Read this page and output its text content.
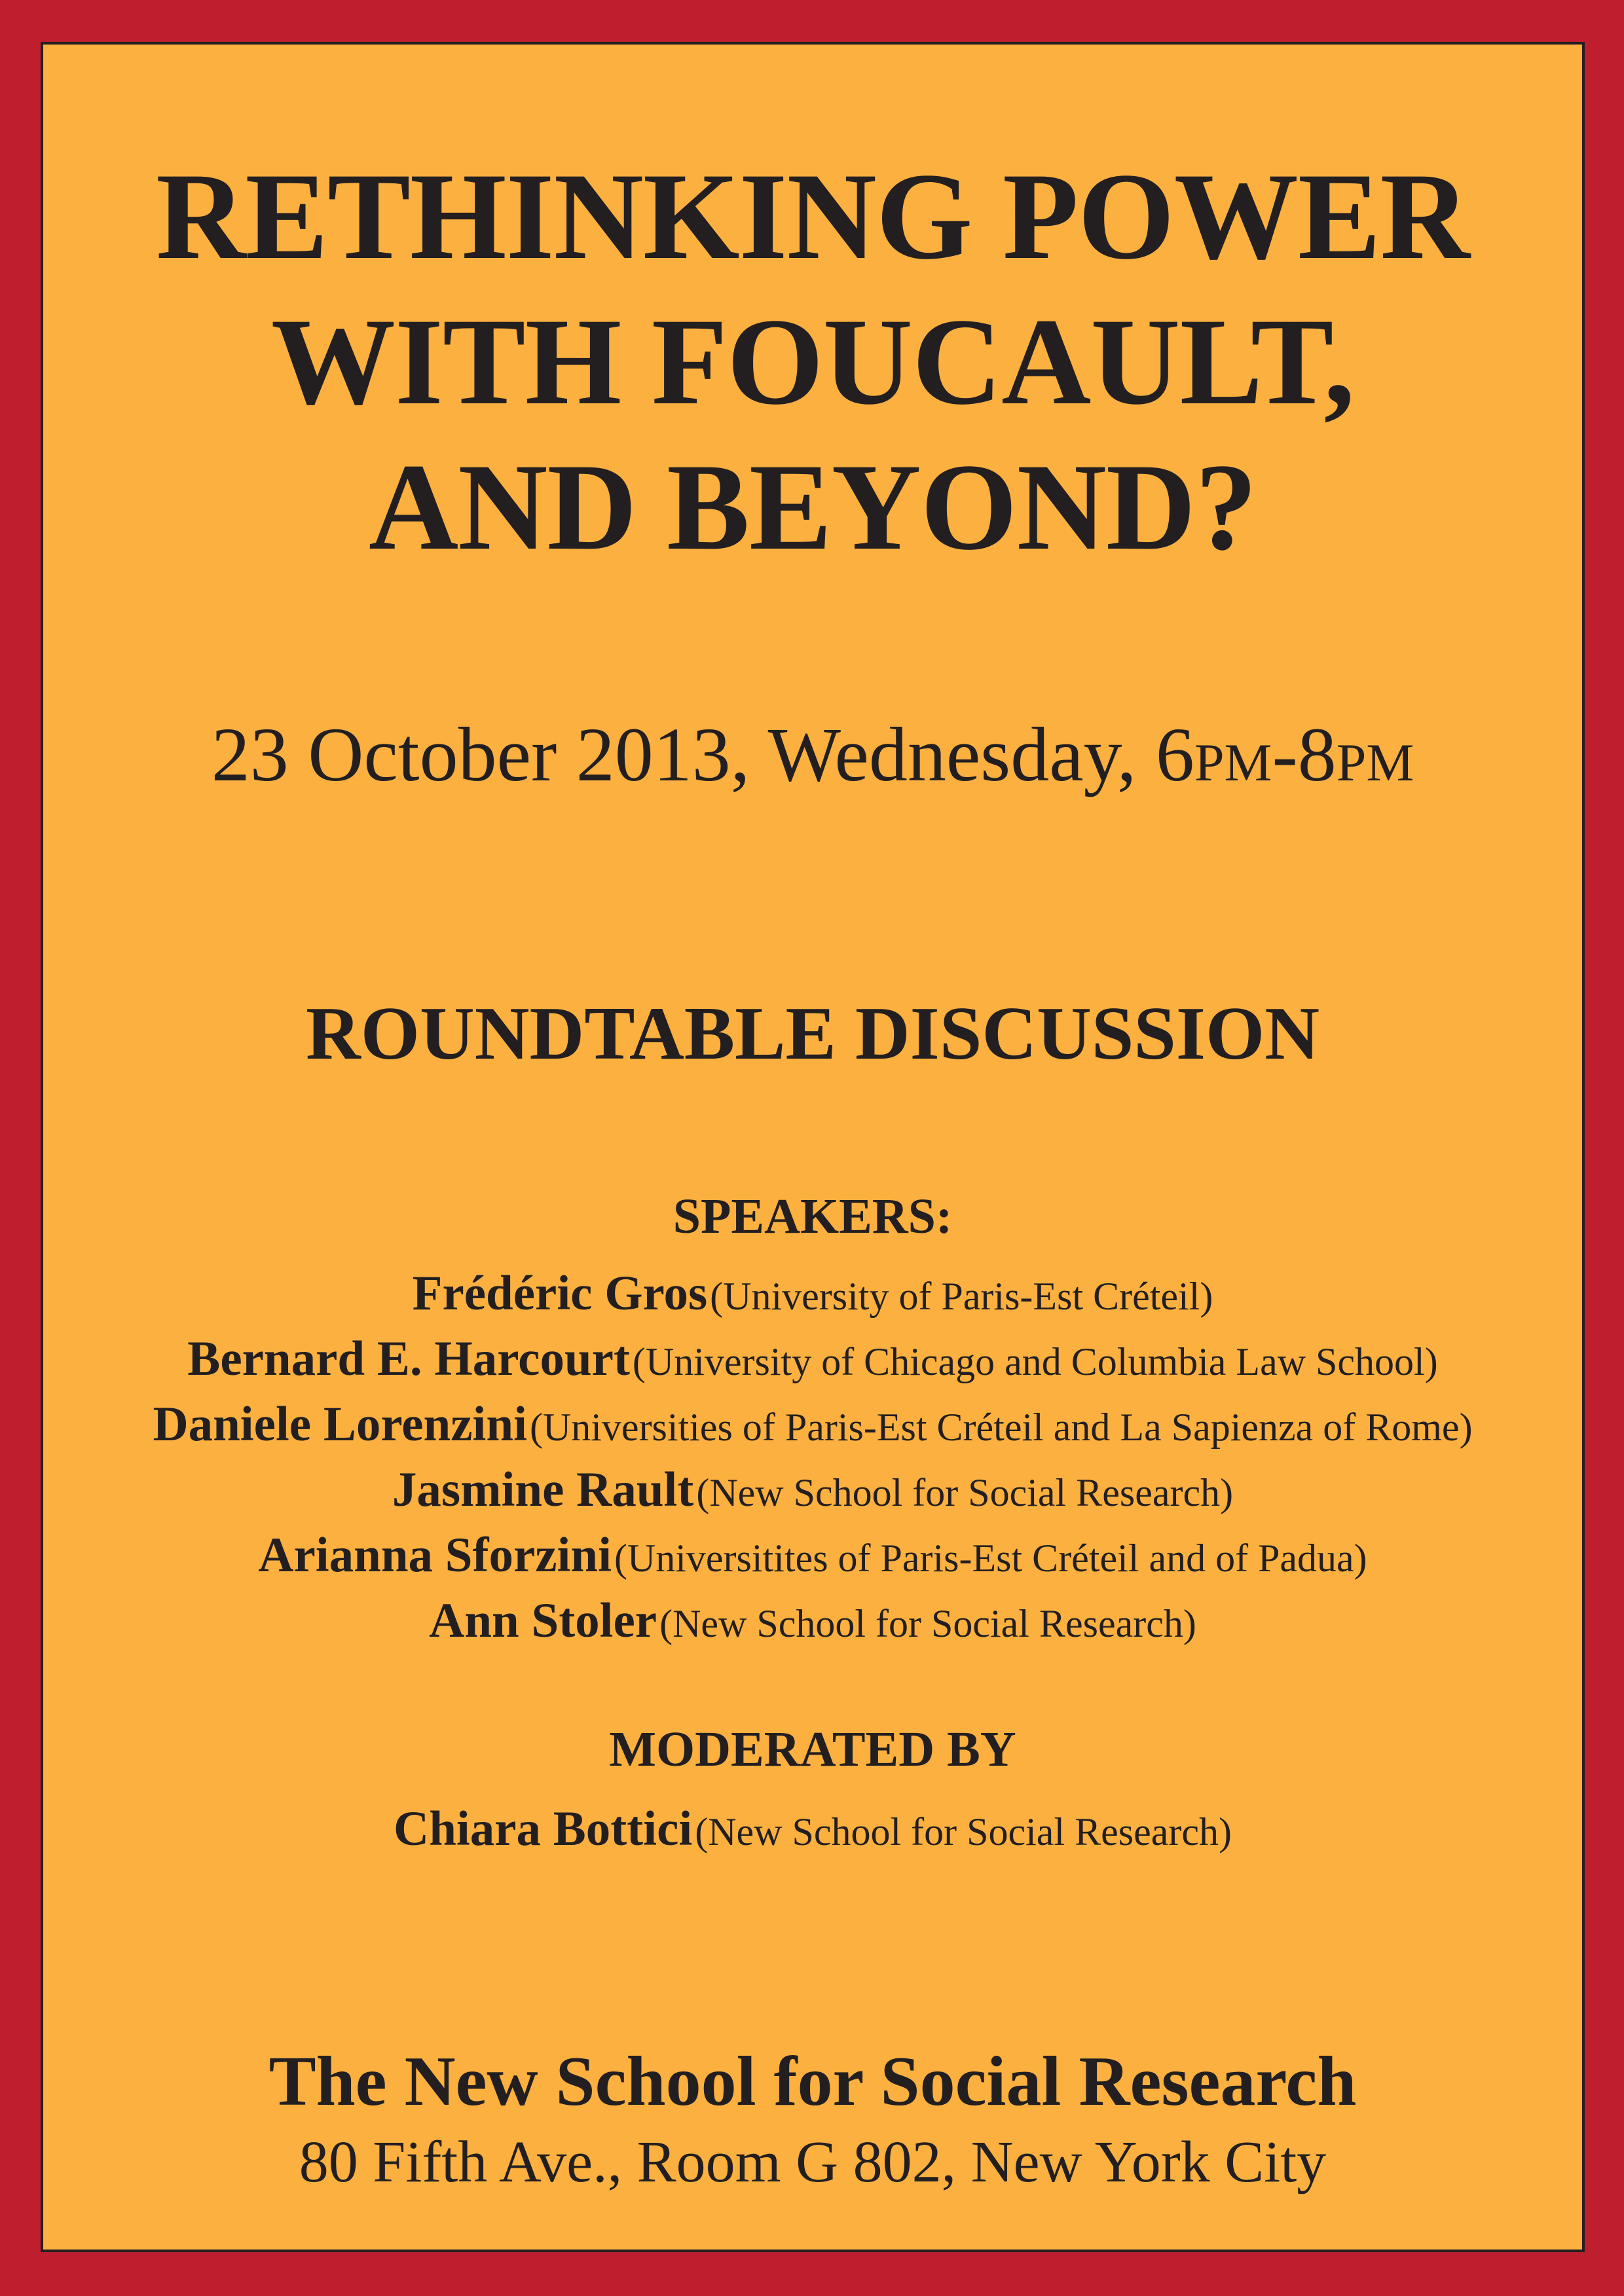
RETHINKING POWER
WITH FOUCAULT,
AND BEYOND?
23 October 2013, Wednesday, 6PM-8PM
ROUNDTABLE DISCUSSION
SPEAKERS:
Frédéric Gros (University of Paris-Est Créteil)
Bernard E. Harcourt (University of Chicago and Columbia Law School)
Daniele Lorenzini (Universities of Paris-Est Créteil and La Sapienza of Rome)
Jasmine Rault (New School for Social Research)
Arianna Sforzini (Universitites of Paris-Est Créteil and of Padua)
Ann Stoler (New School for Social Research)
MODERATED BY
Chiara Bottici (New School for Social Research)
The New School for Social Research
80 Fifth Ave., Room G 802, New York City
